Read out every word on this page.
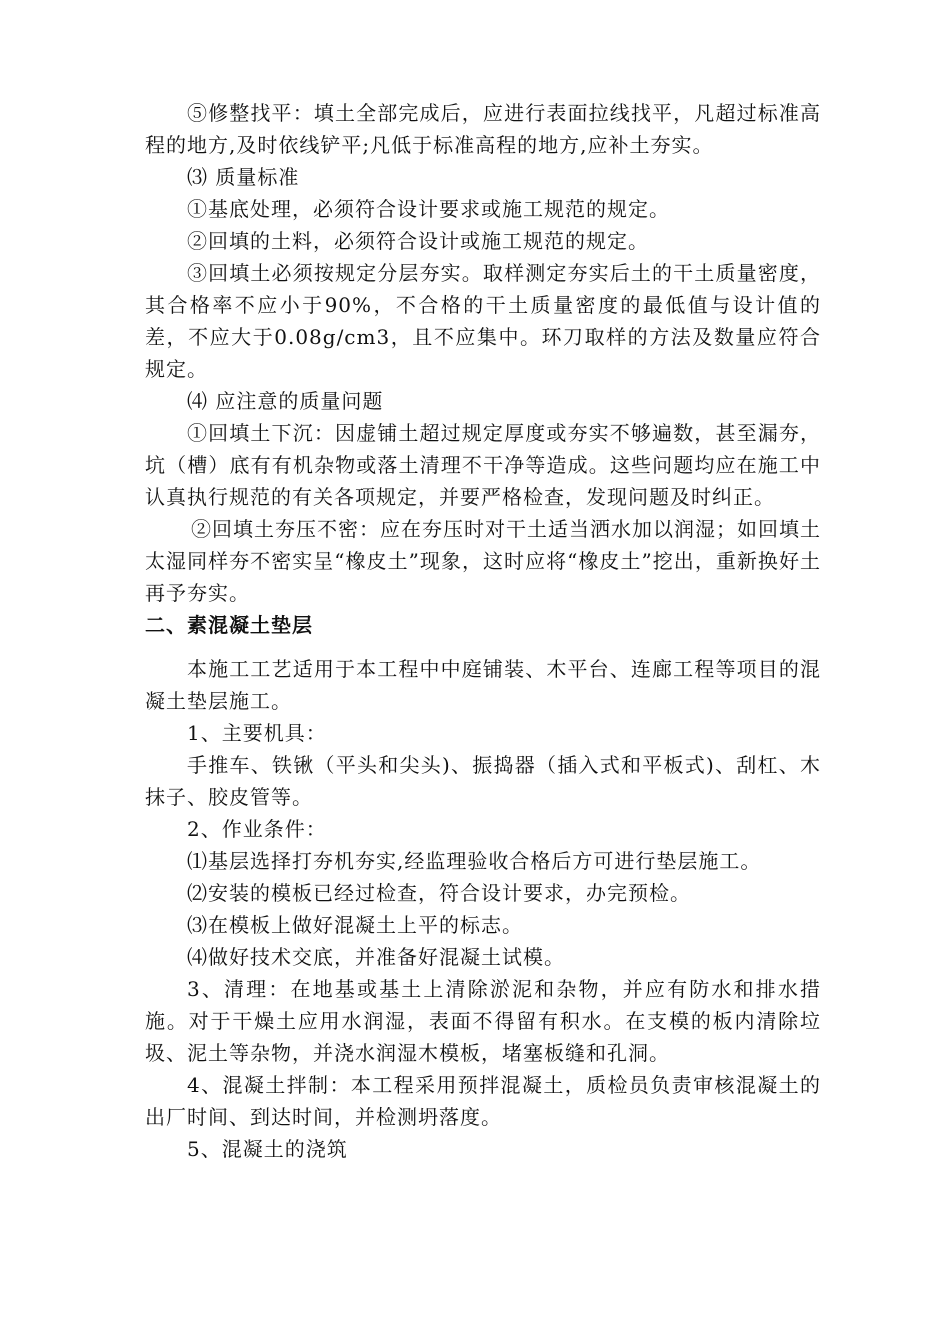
⑤修整找平：填土全部完成后，应进行表面拉线找平，凡超过标准高程的地方,及时依线铲平;凡低于标准高程的地方,应补土夯实。

⑶ 质量标准

①基底处理，必须符合设计要求或施工规范的规定。

②回填的土料，必须符合设计或施工规范的规定。

③回填土必须按规定分层夯实。取样测定夯实后土的干土质量密度，其合格率不应小于90%，不合格的干土质量密度的最低值与设计值的差，不应大于0.08g/cm3，且不应集中。环刀取样的方法及数量应符合规定。

⑷ 应注意的质量问题

①回填土下沉：因虚铺土超过规定厚度或夯实不够遍数，甚至漏夯，坑（槽）底有有机杂物或落土清理不干净等造成。这些问题均应在施工中认真执行规范的有关各项规定，并要严格检查，发现问题及时纠正。

②回填土夯压不密：应在夯压时对干土适当洒水加以润湿；如回填土太湿同样夯不密实呈“橡皮土”现象，这时应将“橡皮土”挖出，重新换好土再予夯实。

二、素混凝土垫层

本施工工艺适用于本工程中中庭铺装、木平台、连廊工程等项目的混凝土垫层施工。

1、主要机具：

手推车、铁锹（平头和尖头)、振捣器（插入式和平板式)、刮杠、木抹子、胶皮管等。

2、作业条件：

⑴基层选择打夯机夯实,经监理验收合格后方可进行垫层施工。

⑵安装的模板已经过检查，符合设计要求，办完预检。

⑶在模板上做好混凝土上平的标志。

⑷做好技术交底，并准备好混凝土试模。

3、清理：在地基或基土上清除淤泥和杂物，并应有防水和排水措施。对于干燥土应用水润湿，表面不得留有积水。在支模的板内清除垃圾、泥土等杂物，并浇水润湿木模板，堵塞板缝和孔洞。

4、混凝土拌制：本工程采用预拌混凝土，质检员负责审核混凝土的出厂时间、到达时间，并检测坍落度。

5、混凝土的浇筑
